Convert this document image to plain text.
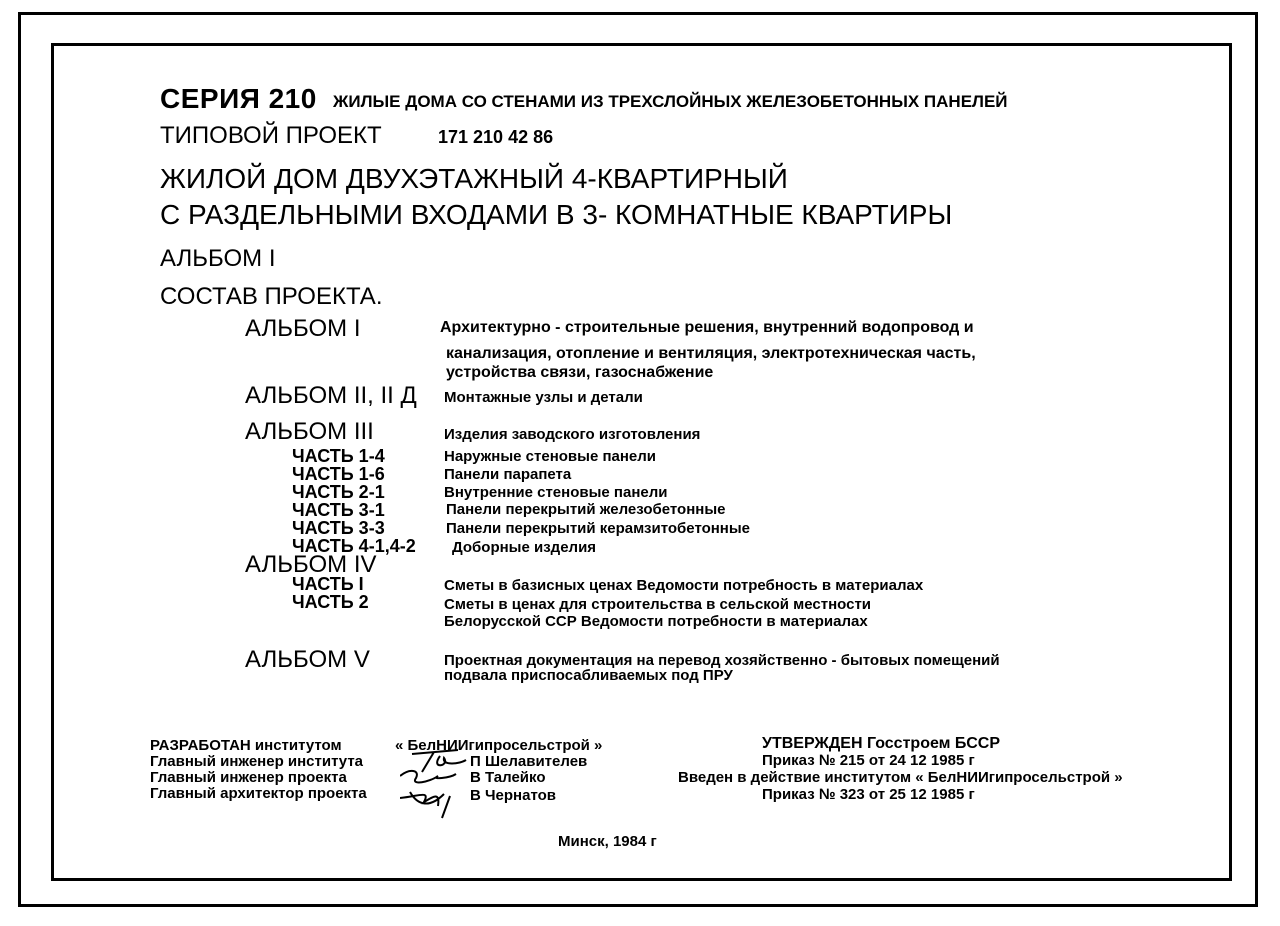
СЕРИЯ 210 ЖИЛЫЕ ДОМА СО СТЕНАМИ ИЗ ТРЕХСЛОЙНЫХ ЖЕЛЕЗОБЕТОННЫХ ПАНЕЛЕЙ
ТИПОВОЙ ПРОЕКТ	171 210 42 86
ЖИЛОЙ ДОМ ДВУХЭТАЖНЫЙ 4-КВАРТИРНЫЙ
С РАЗДЕЛЬНЫМИ ВХОДАМИ В 3- КОМНАТНЫЕ КВАРТИРЫ
АЛЬБОМ I
СОСТАВ ПРОЕКТА.
АЛЬБОМ I	Архитектурно - строительные решения, внутренний водопровод и
канализация, отопление и вентиляция, электротехническая часть,
устройства связи, газоснабжение
АЛЬБОМ II, II Д Монтажные узлы и детали
АЛЬБОМ III	Изделия заводского изготовления
ЧАСТЬ 1-4	Наружные стеновые панели
ЧАСТЬ 1-6	Панели парапета
ЧАСТЬ 2-1	Внутренние стеновые панели
ЧАСТЬ 3-1	Панели перекрытий железобетонные
ЧАСТЬ 3-3	Панели перекрытий керамзитобетонные
ЧАСТЬ 4-1,4-2 Доборные изделия
АЛЬБОМ IV
ЧАСТЬ I	Сметы в базисных ценах Ведомости потребность в материалах
ЧАСТЬ 2	Сметы в ценах для строительства в сельской местности
Белорусской ССР Ведомости потребности в материалах
АЛЬБОМ V	Проектная документация на перевод хозяйственно - бытовых помещений
подвала приспосабливаемых под ПРУ
РАЗРАБОТАН институтом	« БелНИИгипросельстрой »
Главный инженер института	П Шелавителев
Главный инженер проекта	В Талейко
Главный архитектор проекта	В Чернатов
УТВЕРЖДЕН Госстроем БССР
Приказ № 215 от 24 12 1985 г
Введен в действие институтом « БелНИИгипросельстрой »
Приказ № 323 от 25 12 1985 г
Минск, 1984 г
